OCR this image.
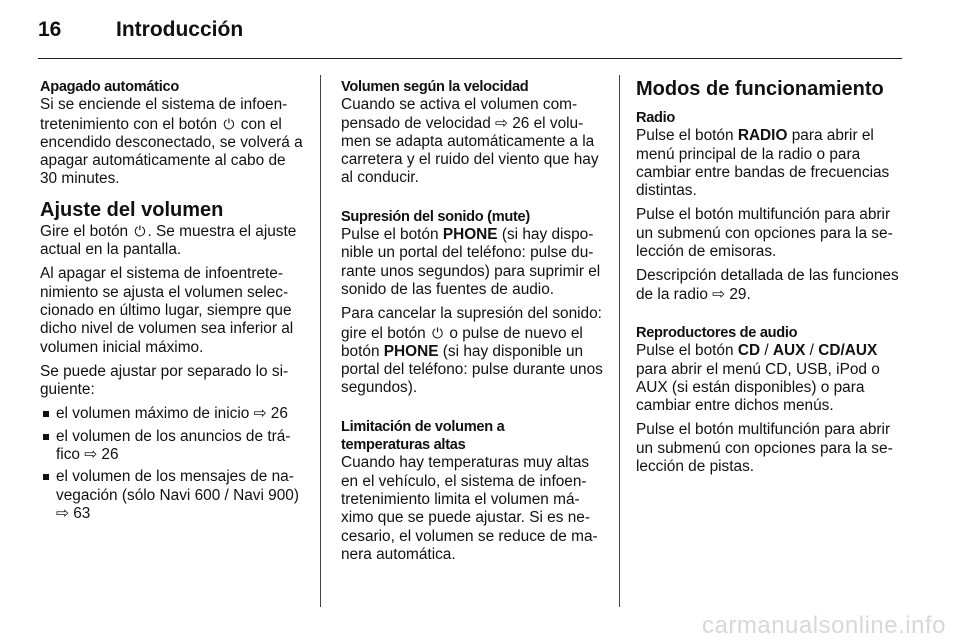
16	Introducción
Apagado automático

Si se enciende el sistema de infoentretenimiento con el botón ⏻ con el encendido desconectado, se volverá a apagar automáticamente al cabo de 30 minutes.

Ajuste del volumen

Gire el botón ⏻ . Se muestra el ajuste actual en la pantalla.

Al apagar el sistema de infoentretenimiento se ajusta el volumen seleccionado en último lugar, siempre que dicho nivel de volumen sea inferior al volumen inicial máximo.

Se puede ajustar por separado lo siguiente:

el volumen máximo de inicio ⇨ 26
el volumen de los anuncios de tráfico ⇨ 26
el volumen de los mensajes de navegación (sólo Navi 600 / Navi 900) ⇨ 63
Volumen según la velocidad

Cuando se activa el volumen compensado de velocidad ⇨ 26 el volumen se adapta automáticamente a la carretera y el ruido del viento que hay al conducir.

Supresión del sonido (mute)

Pulse el botón PHONE (si hay disponible un portal del teléfono: pulse durante unos segundos) para suprimir el sonido de las fuentes de audio.

Para cancelar la supresión del sonido: gire el botón ⏻ o pulse de nuevo el botón PHONE (si hay disponible un portal del teléfono: pulse durante unos segundos).

Limitación de volumen a
temperaturas altas

Cuando hay temperaturas muy altas en el vehículo, el sistema de infoentretenimiento limita el volumen máximo que se puede ajustar. Si es necesario, el volumen se reduce de manera automática.

Modos de funcionamiento
Radio

Pulse el botón RADIO para abrir el menú principal de la radio o para cambiar entre bandas de frecuencias distintas.

Pulse el botón multifunción para abrir un submenú con opciones para la selección de emisoras.

Descripción detallada de las funciones de la radio ⇨ 29.

Reproductores de audio

Pulse el botón CD / AUX / CD/AUX para abrir el menú CD, USB, iPod o AUX (si están disponibles) o para cambiar entre dichos menús.

Pulse el botón multifunción para abrir un submenú con opciones para la selección de pistas.

carmanualsonline.info
